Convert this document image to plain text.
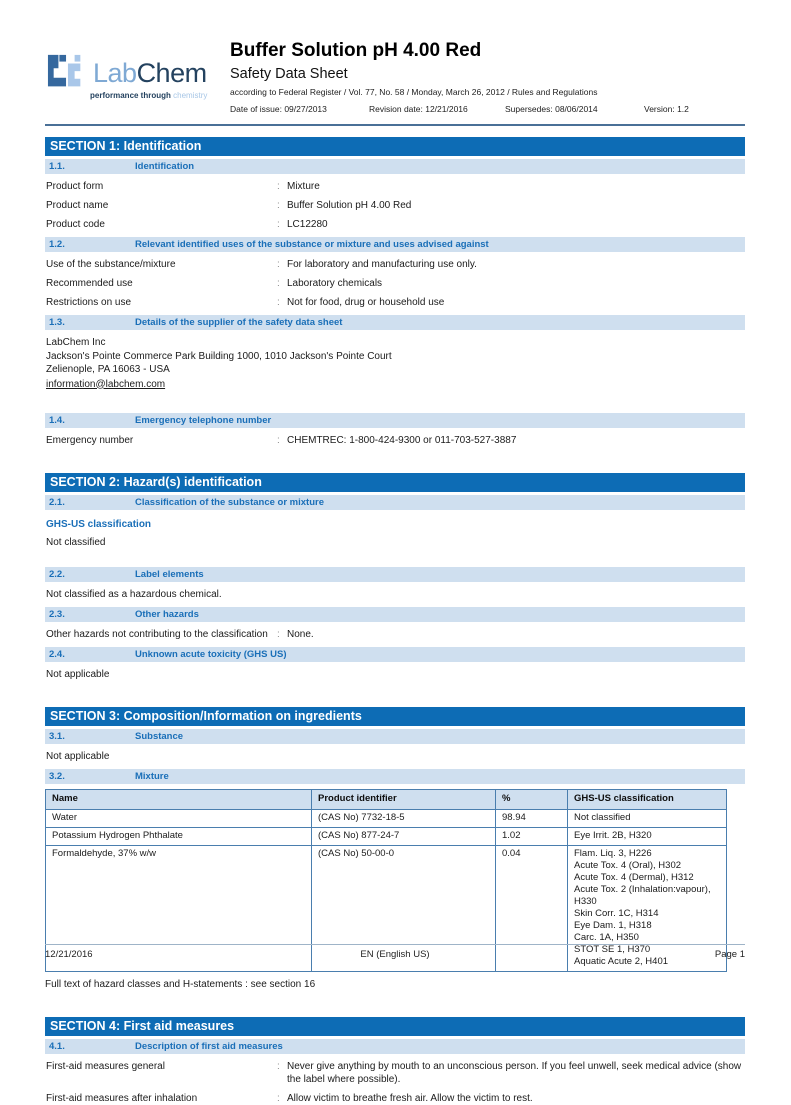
LabChem
performance through chemistry
Buffer Solution pH 4.00 Red
Safety Data Sheet
according to Federal Register / Vol. 77, No. 58 / Monday, March 26, 2012 / Rules and Regulations
Date of issue: 09/27/2013	Revision date: 12/21/2016	Supersedes: 08/06/2014	Version: 1.2
SECTION 1: Identification
1.1.	Identification
Product form :	Mixture
Product name :	Buffer Solution pH 4.00 Red
Product code :	LC12280
1.2.	Relevant identified uses of the substance or mixture and uses advised against
Use of the substance/mixture :	For laboratory and manufacturing use only.
Recommended use :	Laboratory chemicals
Restrictions on use :	Not for food, drug or household use
1.3.	Details of the supplier of the safety data sheet
LabChem Inc
Jackson's Pointe Commerce Park Building 1000, 1010 Jackson's Pointe Court
Zelienople, PA 16063 - USA
information@labchem.com
1.4.	Emergency telephone number
Emergency number :	CHEMTREC: 1-800-424-9300 or 011-703-527-3887
SECTION 2: Hazard(s) identification
2.1.	Classification of the substance or mixture
GHS-US classification
Not classified
2.2.	Label elements
Not classified as a hazardous chemical.
2.3.	Other hazards
Other hazards not contributing to the classification :	None.
2.4.	Unknown acute toxicity (GHS US)
Not applicable
SECTION 3: Composition/Information on ingredients
3.1.	Substance
Not applicable
3.2.	Mixture
Name	Product identifier	%	GHS-US classification
Water	(CAS No) 7732-18-5	98.94	Not classified
Potassium Hydrogen Phthalate	(CAS No) 877-24-7	1.02	Eye Irrit. 2B, H320
Formaldehyde, 37% w/w	(CAS No) 50-00-0	0.04	Flam. Liq. 3, H226
Acute Tox. 4 (Oral), H302
Acute Tox. 4 (Dermal), H312
Acute Tox. 2 (Inhalation:vapour), H330
Skin Corr. 1C, H314
Eye Dam. 1, H318
Carc. 1A, H350
STOT SE 1, H370
Aquatic Acute 2, H401
Full text of hazard classes and H-statements : see section 16
SECTION 4: First aid measures
4.1.	Description of first aid measures
First-aid measures general :	Never give anything by mouth to an unconscious person. If you feel unwell, seek medical advice (show the label where possible).
First-aid measures after inhalation :	Allow victim to breathe fresh air. Allow the victim to rest.
12/21/2016	EN (English US)	Page 1
